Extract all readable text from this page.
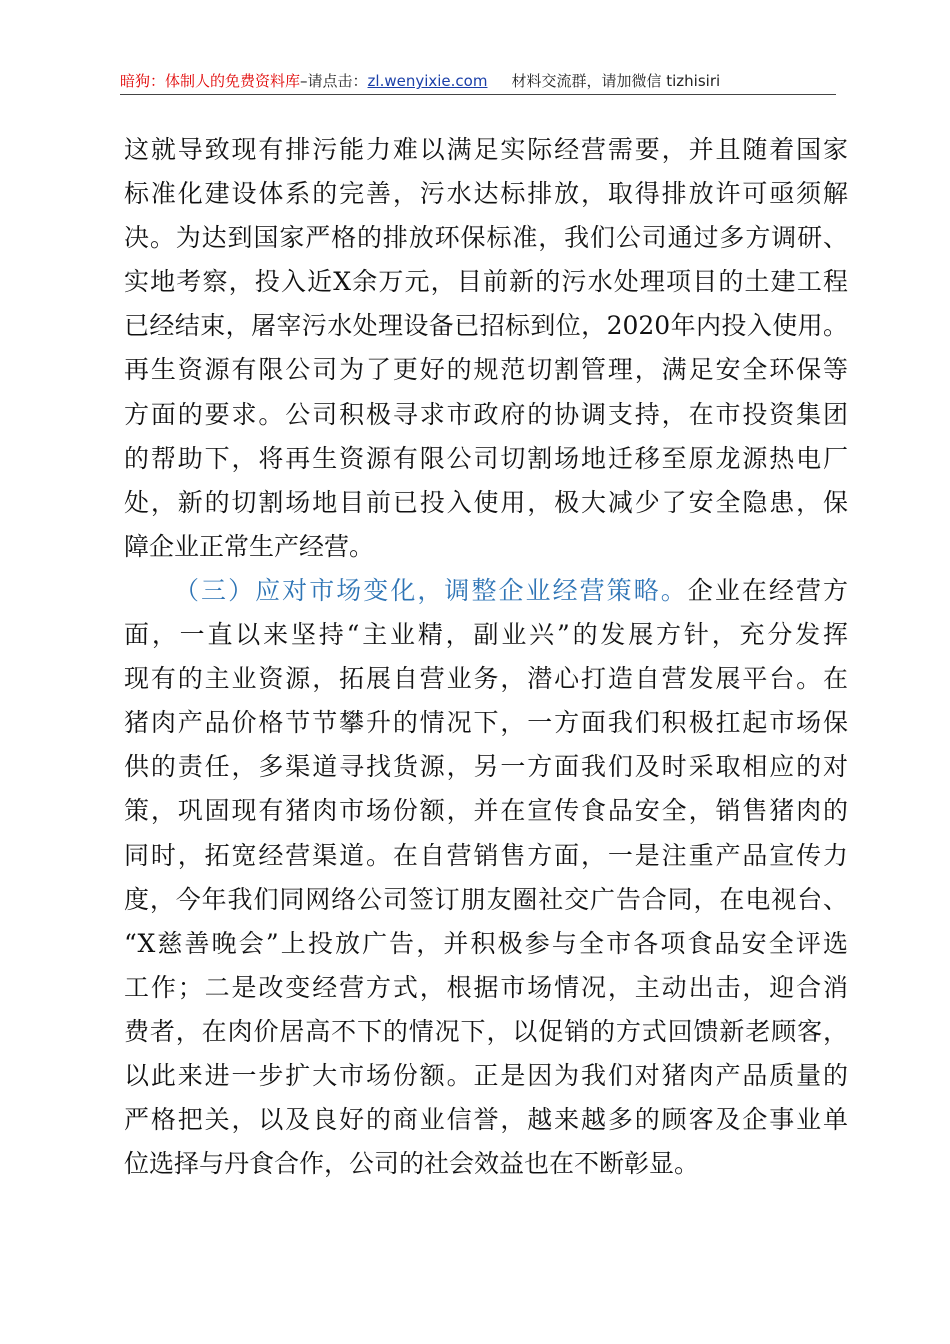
暗狗：体制人的免费资料库–请点击：zl.wenyixie.com 材料交流群，请加微信 tizhisiri
这就导致现有排污能力难以满足实际经营需要，并且随着国家
标准化建设体系的完善，污水达标排放，取得排放许可亟须解
决。为达到国家严格的排放环保标准，我们公司通过多方调研、
实地考察，投入近X余万元，目前新的污水处理项目的土建工程
已经结束，屠宰污水处理设备已招标到位，2020年内投入使用。
再生资源有限公司为了更好的规范切割管理，满足安全环保等
方面的要求。公司积极寻求市政府的协调支持，在市投资集团
的帮助下，将再生资源有限公司切割场地迁移至原龙源热电厂
处，新的切割场地目前已投入使用，极大减少了安全隐患，保
障企业正常生产经营。
（三）应对市场变化，调整企业经营策略。企业在经营方
面，一直以来坚持“主业精，副业兴”的发展方针，充分发挥
现有的主业资源，拓展自营业务，潜心打造自营发展平台。在
猪肉产品价格节节攀升的情况下，一方面我们积极扛起市场保
供的责任，多渠道寻找货源，另一方面我们及时采取相应的对
策，巩固现有猪肉市场份额，并在宣传食品安全，销售猪肉的
同时，拓宽经营渠道。在自营销售方面，一是注重产品宣传力
度，今年我们同网络公司签订朋友圈社交广告合同，在电视台、
“X慈善晚会”上投放广告，并积极参与全市各项食品安全评选
工作；二是改变经营方式，根据市场情况，主动出击，迎合消
费者，在肉价居高不下的情况下，以促销的方式回馈新老顾客，
以此来进一步扩大市场份额。正是因为我们对猪肉产品质量的
严格把关，以及良好的商业信誉，越来越多的顾客及企事业单
位选择与丹食合作，公司的社会效益也在不断彰显。
